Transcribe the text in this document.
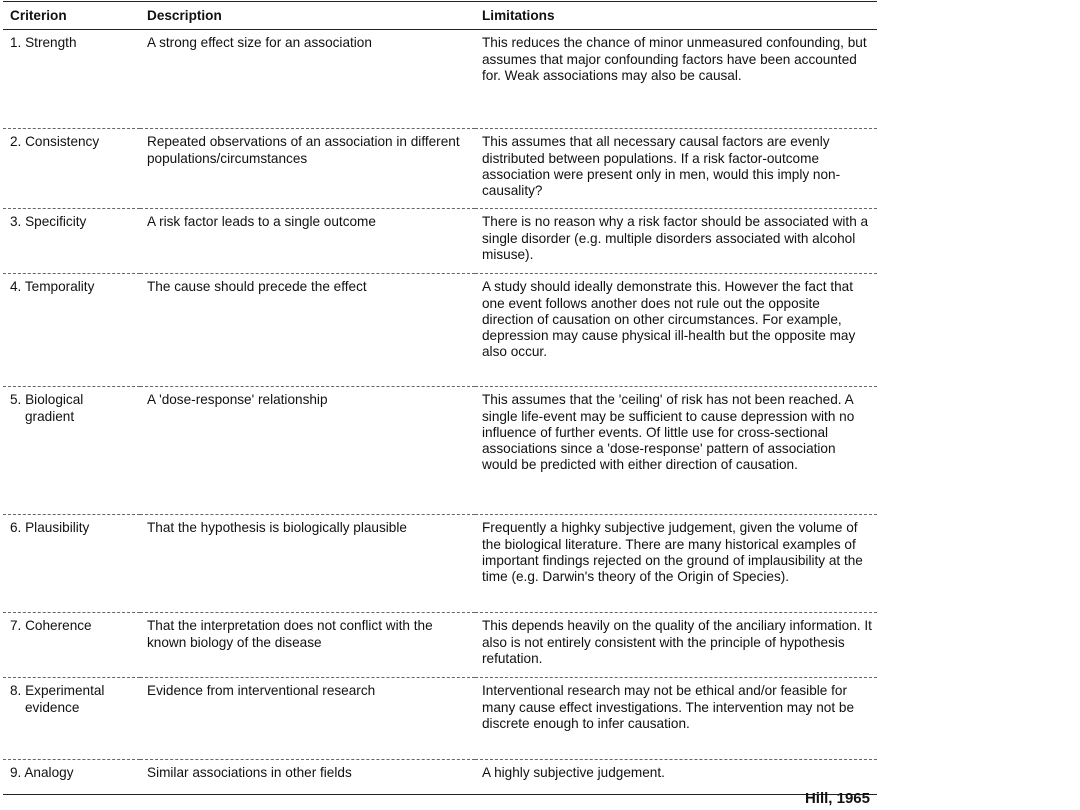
Criterion	Description	Limitations

1. Strength	A strong effect size for an association	This reduces the chance of minor unmeasured confounding, but assumes that major confounding factors have been accounted for. Weak associations may also be causal.

2. Consistency	Repeated observations of an association in different populations/circumstances	This assumes that all necessary causal factors are evenly distributed between populations. If a risk factor-outcome association were present only in men, would this imply non-causality?

3. Specificity	A risk factor leads to a single outcome	There is no reason why a risk factor should be associated with a single disorder (e.g. multiple disorders associated with alcohol misuse).

4. Temporality	The cause should precede the effect	A study should ideally demonstrate this. However the fact that one event follows another does not rule out the opposite direction of causation on other circumstances. For example, depression may cause physical ill-health but the opposite may also occur.

5. Biological gradient	A 'dose-response' relationship	This assumes that the 'ceiling' of risk has not been reached. A single life-event may be sufficient to cause depression with no influence of further events. Of little use for cross-sectional associations since a 'dose-response' pattern of association would be predicted with either direction of causation.

6. Plausibility	That the hypothesis is biologically plausible	Frequently a highky subjective judgement, given the volume of the biological literature. There are many historical examples of important findings rejected on the ground of implausibility at the time (e.g. Darwin's theory of the Origin of Species).

7. Coherence	That the interpretation does not conflict with the known biology of the disease	This depends heavily on the quality of the anciliary information. It also is not entirely consistent with the principle of hypothesis refutation.

8. Experimental evidence	Evidence from interventional research	Interventional research may not be ethical and/or feasible for many cause effect investigations. The intervention may not be discrete enough to infer causation.

9. Analogy	Similar associations in other fields	A highly subjective judgement.
Hill, 1965
